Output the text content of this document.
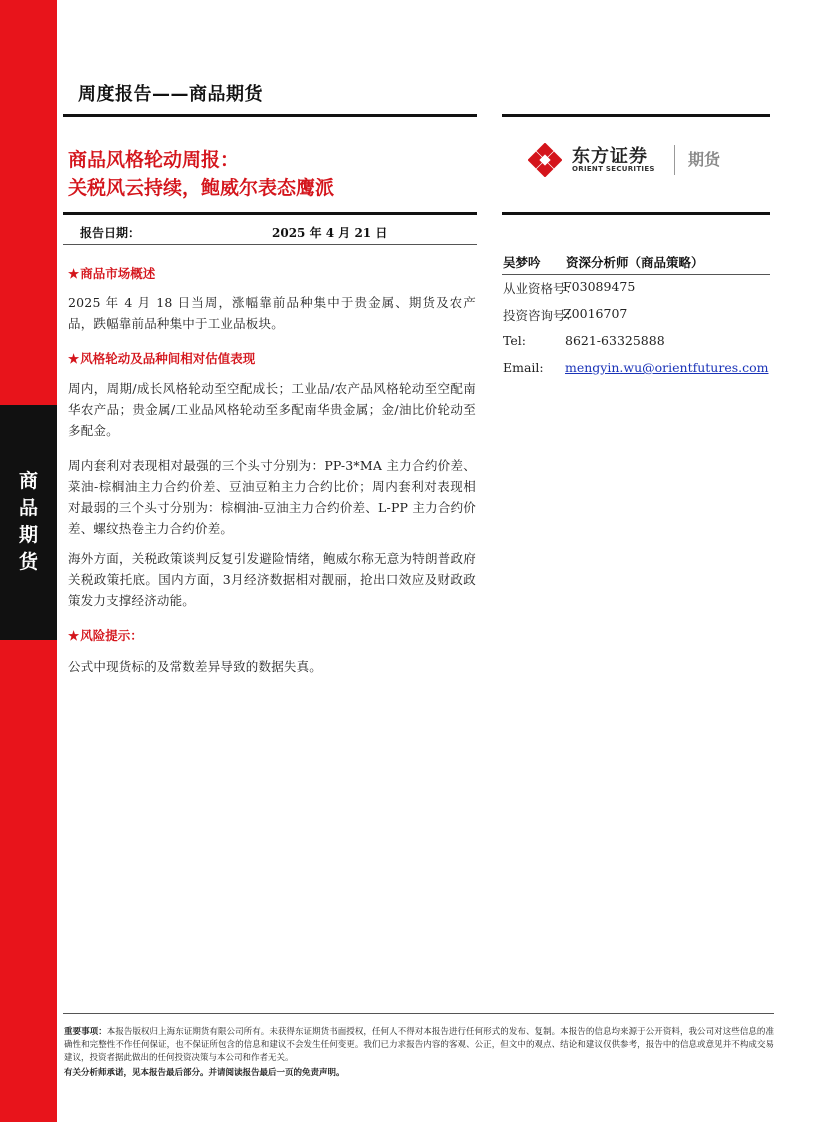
商
品
期
货
周度报告——商品期货
商品风格轮动周报：
关税风云持续，鲍威尔表态鹰派
东方证券
ORIENT SECURITIES 期货
报告日期：	2025 年 4 月 21 日
★商品市场概述
2025 年 4 月 18 日当周，涨幅靠前品种集中于贵金属、期货及农产品，跌幅靠前品种集中于工业品板块。
★风格轮动及品种间相对估值表现
周内，周期/成长风格轮动至空配成长；工业品/农产品风格轮动至空配南华农产品；贵金属/工业品风格轮动至多配南华贵金属；金/油比价轮动至多配金。
周内套利对表现相对最强的三个头寸分别为：PP-3*MA 主力合约价差、菜油-棕榈油主力合约价差、豆油豆粕主力合约比价；周内套利对表现相对最弱的三个头寸分别为：棕榈油-豆油主力合约价差、L-PP 主力合约价差、螺纹热卷主力合约价差。
海外方面，关税政策谈判反复引发避险情绪，鲍威尔称无意为特朗普政府关税政策托底。国内方面，3月经济数据相对靓丽，抢出口效应及财政政策发力支撑经济动能。
★风险提示：
公式中现货标的及常数差异导致的数据失真。
吴梦吟 资深分析师（商品策略）
从业资格号：
F03089475
投资咨询号：
Z0016707
Tel:	8621-63325888
Email: mengyin.wu@orientfutures.com
重要事项：本报告版权归上海东证期货有限公司所有。未获得东证期货书面授权，任何人不得对本报告进行任何形式的发布、复制。本报告的信息均来源于公开资料，我公司对这些信息的准确性和完整性不作任何保证，也不保证所包含的信息和建议不会发生任何变更。我们已力求报告内容的客观、公正，但文中的观点、结论和建议仅供参考，报告中的信息或意见并不构成交易建议，投资者据此做出的任何投资决策与本公司和作者无关。
有关分析师承诺，见本报告最后部分。并请阅读报告最后一页的免责声明。
